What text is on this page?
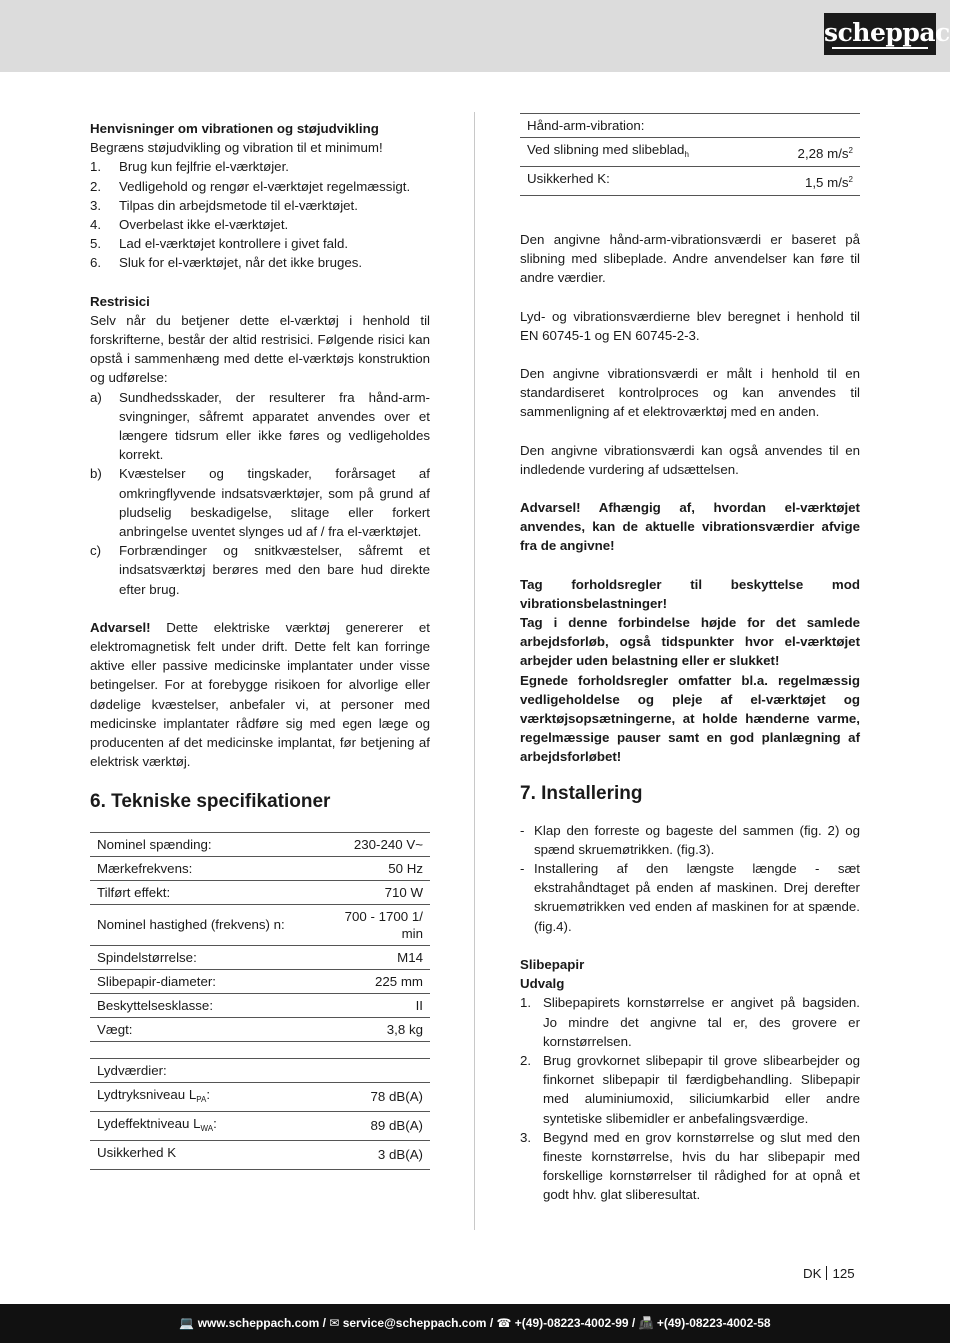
scheppach

Henvisninger om vibrationen og støjudvikling

Begræns støjudvikling og vibration til et minimum!

1.	Brug kun fejlfrie el-værktøjer.
2.	Vedligehold og rengør el-værktøjet regelmæssigt.
3.	Tilpas din arbejdsmetode til el-værktøjet.
4.	Overbelast ikke el-værktøjet.
5.	Lad el-værktøjet kontrollere i givet fald.
6.	Sluk for el-værktøjet, når det ikke bruges.

Restrisici

Selv når du betjener dette el-værktøj i henhold til forskrifterne, består der altid restrisici. Følgende risici kan opstå i sammenhæng med dette el-værktøjs konstruktion og udførelse:

a)	Sundhedsskader, der resulterer fra hånd-arm-svingninger, såfremt apparatet anvendes over et længere tidsrum eller ikke føres og vedligeholdes korrekt.
b)	Kvæstelser og tingskader, forårsaget af omkringflyvende indsatsværktøjer, som på grund af pludselig beskadigelse, slitage eller forkert anbringelse uventet slynges ud af / fra el-værktøjet.
c)	Forbrændinger og snitkvæstelser, såfremt et indsatsværktøj berøres med den bare hud direkte efter brug.

Advarsel! Dette elektriske værktøj genererer et elektromagnetisk felt under drift. Dette felt kan forringe aktive eller passive medicinske implantater under visse betingelser. For at forebygge risikoen for alvorlige eller dødelige kvæstelser, anbefaler vi, at personer med medicinske implantater rådføre sig med egen læge og producenten af det medicinske implantat, før betjening af elektrisk værktøj.

6. Tekniske specifikationer
Nominel spænding:	230-240 V~
Mærkefrekvens:	50 Hz
Tilført effekt:	710 W
Nominel hastighed (frekvens) n:	700 - 1700 1/
min
Spindelstørrelse:	M14
Slibepapir-diameter:	225 mm
Beskyttelsesklasse:	II
Vægt:	3,8 kg
Lydværdier:	
Lydtryksniveau $L_{PA}$:	78 dB(A)
Lydeffektniveau $L_{WA}$:	89 dB(A)
Usikkerhed K	3 dB(A)
Hånd-arm-vibration:	
Ved slibning med slibeblad$_h$	2,28 $m/s^2$
Usikkerhed K:	1,5 $m/s^2$

Den angivne hånd-arm-vibrationsværdi er baseret på slibning med slibeplade. Andre anvendelser kan føre til andre værdier.

Lyd- og vibrationsværdierne blev beregnet i henhold til EN 60745-1 og EN 60745-2-3.

Den angivne vibrationsværdi er målt i henhold til en standardiseret kontrolproces og kan anvendes til sammenligning af et elektroværktøj med en anden.

Den angivne vibrationsværdi kan også anvendes til en indledende vurdering af udsættelsen.

Advarsel! Afhængig af, hvordan el-værktøjet anvendes, kan de aktuelle vibrationsværdier afvige fra de angivne!

Tag forholdsregler til beskyttelse mod vibrationsbelastninger!

Tag i denne forbindelse højde for det samlede arbejdsforløb, også tidspunkter hvor el-værktøjet arbejder uden belastning eller er slukket!

Egnede forholdsregler omfatter bl.a. regelmæssig vedligeholdelse og pleje af el-værktøjet og værktøjsopsætningerne, at holde hænderne varme, regelmæssige pauser samt en god planlægning af arbejdsforløbet!

7. Installering
- Klap den forreste og bageste del sammen (fig. 2) og spænd skruemøtrikken. (fig.3).
- Installering af den længste længde - sæt ekstrahåndtaget på enden af maskinen. Drej derefter skruemøtrikken ved enden af maskinen for at spænde. (fig.4).

Slibepapir

Udvalg

1. Slibepapirets kornstørrelse er angivet på bagsiden. Jo mindre det angivne tal er, des grovere er kornstørrelsen.
2. Brug grovkornet slibepapir til grove slibearbejder og finkornet slibepapir til færdigbehandling. Slibepapir med aluminiumoxid, siliciumkarbid eller andre syntetiske slibemidler er anbefalingsværdige.
3. Begynd med en grov kornstørrelse og slut med den fineste kornstørrelse, hvis du har slibepapir med forskellige kornstørrelser til rådighed for at opnå et godt hhv. glat sliberesultat.
DK 125
💻 www.scheppach.com / ✉ service@scheppach.com / ☎ +(49)-08223-4002-99 / 📠 +(49)-08223-4002-58
